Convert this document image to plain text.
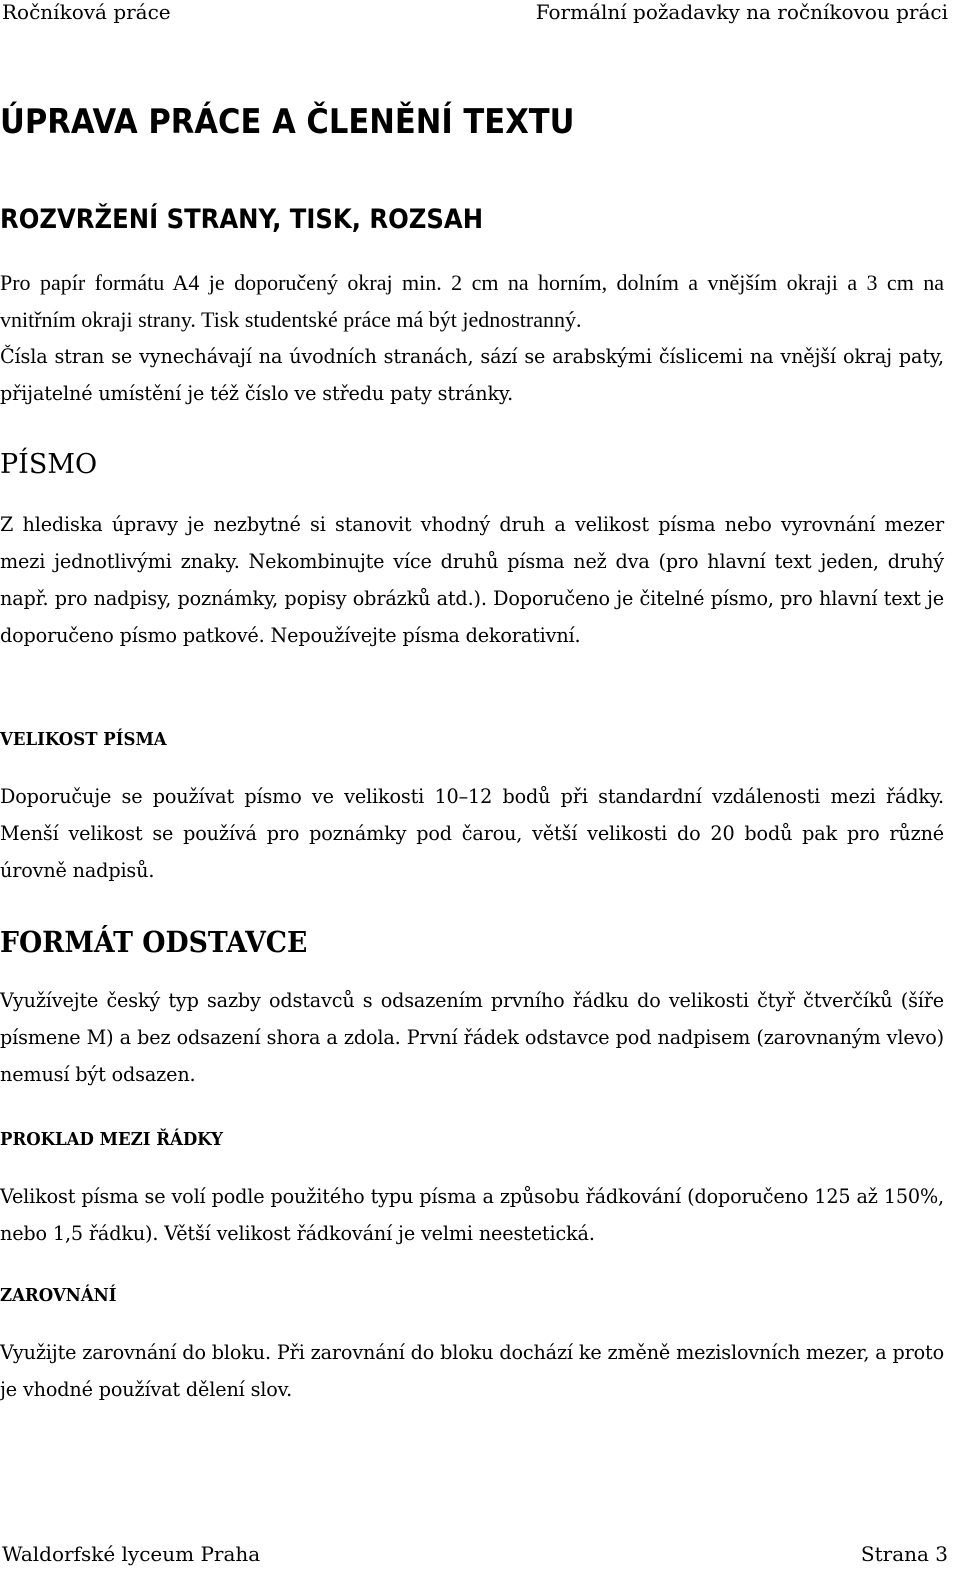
Ročníková práce	Formální požadavky na ročníkovou práci
ÚPRAVA PRÁCE A ČLENĚNÍ TEXTU
ROZVRŽENÍ STRANY, TISK, ROZSAH

Pro papír formátu A4 je doporučený okraj min. 2 cm na horním, dolním a vnějším okraji a 3 cm na vnitřním okraji strany. Tisk studentské práce má být jednostranný.

Čísla stran se vynechávají na úvodních stranách, sází se arabskými číslicemi na vnější okraj paty, přijatelné umístění je též číslo ve středu paty stránky.

PÍSMO

Z hlediska úpravy je nezbytné si stanovit vhodný druh a velikost písma nebo vyrovnání mezer mezi jednotlivými znaky. Nekombinujte více druhů písma než dva (pro hlavní text jeden, druhý např. pro nadpisy, poznámky, popisy obrázků atd.). Doporučeno je čitelné písmo, pro hlavní text je doporučeno písmo patkové. Nepoužívejte písma dekorativní.

VELIKOST PÍSMA

Doporučuje se používat písmo ve velikosti 10–12 bodů při standardní vzdálenosti mezi řádky. Menší velikost se používá pro poznámky pod čarou, větší velikosti do 20 bodů pak pro různé úrovně nadpisů.

FORMÁT ODSTAVCE

Využívejte český typ sazby odstavců s odsazením prvního řádku do velikosti čtyř čtverčíků (šíře písmene M) a bez odsazení shora a zdola. První řádek odstavce pod nadpisem (zarovnaným vlevo) nemusí být odsazen.

PROKLAD MEZI ŘÁDKY

Velikost písma se volí podle použitého typu písma a způsobu řádkování (doporučeno 125 až 150%, nebo 1,5 řádku). Větší velikost řádkování je velmi neestetická.

ZAROVNÁNÍ

Využijte zarovnání do bloku. Při zarovnání do bloku dochází ke změně mezislovních mezer, a proto je vhodné používat dělení slov.

Waldorfské lyceum Praha	Strana 3
